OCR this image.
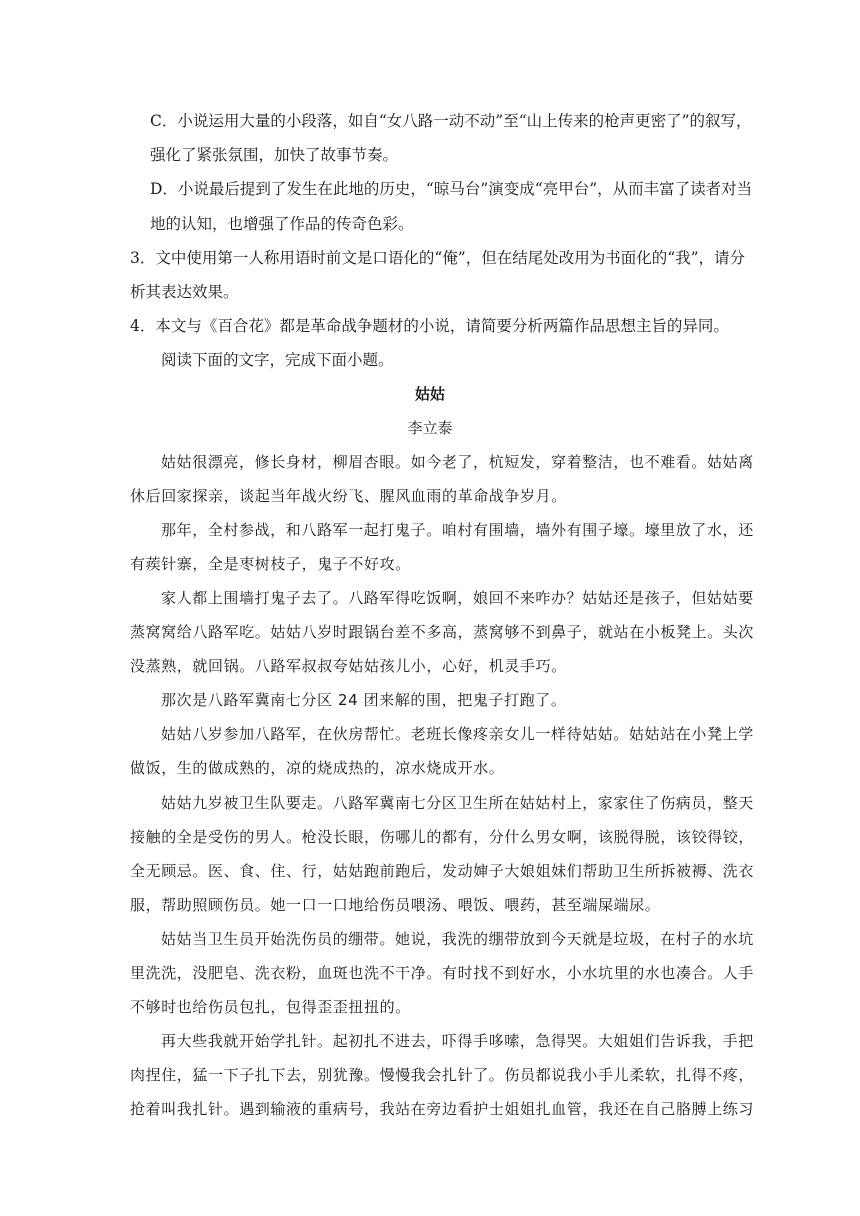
C．小说运用大量的小段落，如自“女八路一动不动”至“山上传来的枪声更密了”的叙写，
强化了紧张氛围，加快了故事节奏。
D．小说最后提到了发生在此地的历史，“晾马台”演变成“亮甲台”，从而丰富了读者对当
地的认知，也增强了作品的传奇色彩。
3．文中使用第一人称用语时前文是口语化的“俺”，但在结尾处改用为书面化的“我”，请分
析其表达效果。
4．本文与《百合花》都是革命战争题材的小说，请简要分析两篇作品思想主旨的异同。
阅读下面的文字，完成下面小题。
姑姑
李立泰
姑姑很漂亮，修长身材，柳眉杏眼。如今老了，杭短发，穿着整洁，也不难看。姑姑离
休后回家探亲，谈起当年战火纷飞、腥风血雨的革命战争岁月。
那年，全村参战，和八路军一起打鬼子。咱村有围墙，墙外有围子壕。壕里放了水，还
有蒺针寨，全是枣树枝子，鬼子不好攻。
家人都上围墙打鬼子去了。八路军得吃饭啊，娘回不来咋办？姑姑还是孩子，但姑姑要
蒸窝窝给八路军吃。姑姑八岁时跟锅台差不多高，蒸窝够不到鼻子，就站在小板凳上。头次
没蒸熟，就回锅。八路军叔叔夸姑姑孩儿小，心好，机灵手巧。
那次是八路军冀南七分区 24 团来解的围，把鬼子打跑了。
姑姑八岁参加八路军，在伙房帮忙。老班长像疼亲女儿一样待姑姑。姑姑站在小凳上学
做饭，生的做成熟的，凉的烧成热的，凉水烧成开水。
姑姑九岁被卫生队要走。八路军冀南七分区卫生所在姑姑村上，家家住了伤病员，整天
接触的全是受伤的男人。枪没长眼，伤哪儿的都有，分什么男女啊，该脱得脱，该铰得铰，
全无顾忌。医、食、住、行，姑姑跑前跑后，发动婶子大娘姐妹们帮助卫生所拆被褥、洗衣
服，帮助照顾伤员。她一口一口地给伤员喂汤、喂饭、喂药，甚至端屎端尿。
姑姑当卫生员开始洗伤员的绷带。她说，我洗的绷带放到今天就是垃圾，在村子的水坑
里洗洗，没肥皂、洗衣粉，血斑也洗不干净。有时找不到好水，小水坑里的水也凑合。人手
不够时也给伤员包扎，包得歪歪扭扭的。
再大些我就开始学扎针。起初扎不进去，吓得手哆嗦，急得哭。大姐姐们告诉我，手把
肉捏住，猛一下子扎下去，别犹豫。慢慢我会扎针了。伤员都说我小手儿柔软，扎得不疼，
抢着叫我扎针。遇到输液的重病号，我站在旁边看护士姐姐扎血管，我还在自己胳膊上练习
